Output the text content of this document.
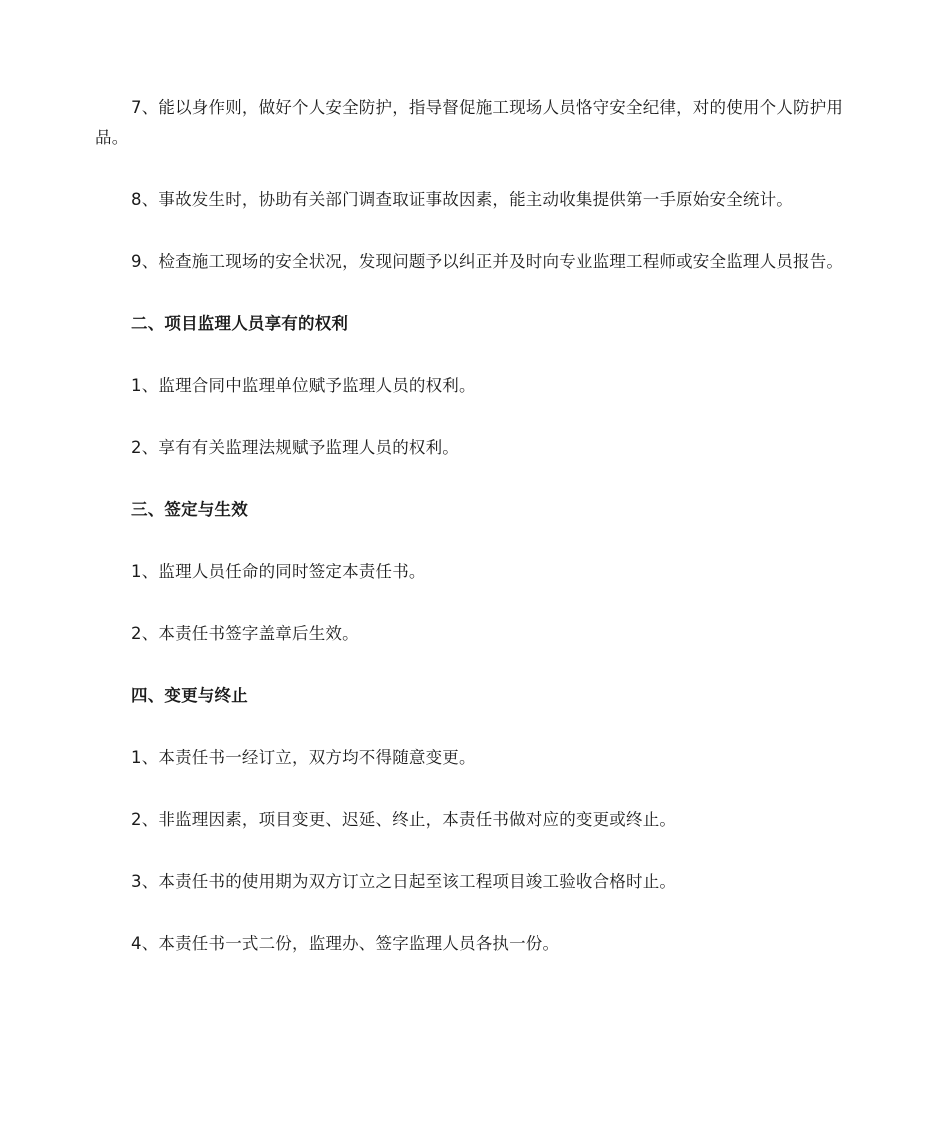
7、能以身作则，做好个人安全防护，指导督促施工现场人员恪守安全纪律，对的使用个人防护用品。

8、事故发生时，协助有关部门调查取证事故因素，能主动收集提供第一手原始安全统计。

9、检查施工现场的安全状况，发现问题予以纠正并及时向专业监理工程师或安全监理人员报告。

二、项目监理人员享有的权利

1、监理合同中监理单位赋予监理人员的权利。

2、享有有关监理法规赋予监理人员的权利。

三、签定与生效

1、监理人员任命的同时签定本责任书。

2、本责任书签字盖章后生效。

四、变更与终止

1、本责任书一经订立，双方均不得随意变更。

2、非监理因素，项目变更、迟延、终止，本责任书做对应的变更或终止。

3、本责任书的使用期为双方订立之日起至该工程项目竣工验收合格时止。

4、本责任书一式二份，监理办、签字监理人员各执一份。
